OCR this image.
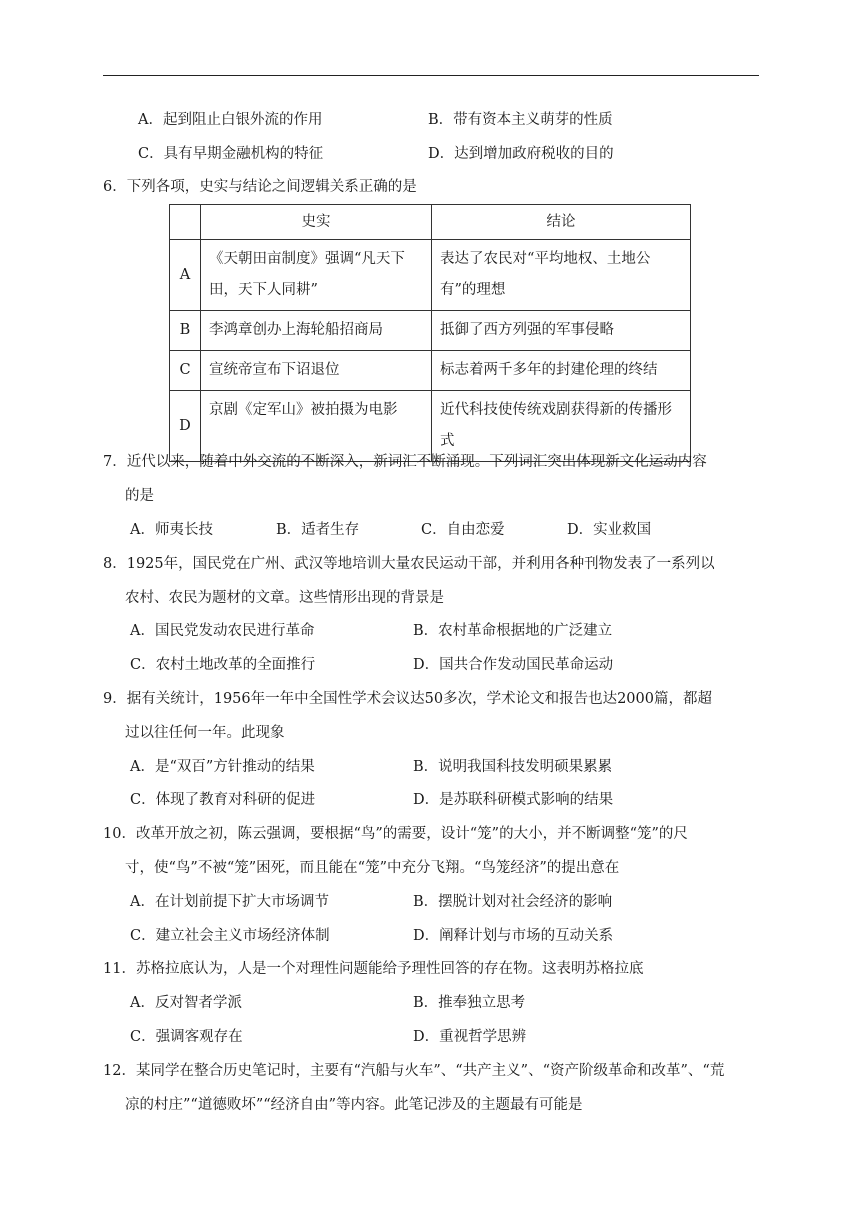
A．起到阻止白银外流的作用	B．带有资本主义萌芽的性质
C．具有早期金融机构的特征	D．达到增加政府税收的目的
6．下列各项，史实与结论之间逻辑关系正确的是
	史实	结论
A	《天朝田亩制度》强调“凡天下田，天下人同耕”	表达了农民对“平均地权、土地公有”的理想
B	李鸿章创办上海轮船招商局	抵御了西方列强的军事侵略
C	宣统帝宣布下诏退位	标志着两千多年的封建伦理的终结
D	京剧《定军山》被拍摄为电影	近代科技使传统戏剧获得新的传播形式
7．近代以来，随着中外交流的不断深入，新词汇不断涌现。下列词汇突出体现新文化运动内容
的是
A．师夷长技	B．适者生存	C．自由恋爱	D．实业救国
8．1925年，国民党在广州、武汉等地培训大量农民运动干部，并利用各种刊物发表了一系列以
农村、农民为题材的文章。这些情形出现的背景是
A．国民党发动农民进行革命	B．农村革命根据地的广泛建立
C．农村土地改革的全面推行	D．国共合作发动国民革命运动
9．据有关统计，1956年一年中全国性学术会议达50多次，学术论文和报告也达2000篇，都超
过以往任何一年。此现象
A．是“双百”方针推动的结果	B．说明我国科技发明硕果累累
C．体现了教育对科研的促进	D．是苏联科研模式影响的结果
10．改革开放之初，陈云强调，要根据“鸟”的需要，设计“笼”的大小，并不断调整“笼”的尺
寸，使“鸟”不被“笼”困死，而且能在“笼”中充分飞翔。“鸟笼经济”的提出意在
A．在计划前提下扩大市场调节	B．摆脱计划对社会经济的影响
C．建立社会主义市场经济体制	D．阐释计划与市场的互动关系
11．苏格拉底认为，人是一个对理性问题能给予理性回答的存在物。这表明苏格拉底
A．反对智者学派	B．推奉独立思考
C．强调客观存在	D．重视哲学思辨
12．某同学在整合历史笔记时，主要有“汽船与火车”、“共产主义”、“资产阶级革命和改革”、“荒
凉的村庄”“道德败坏”“经济自由”等内容。此笔记涉及的主题最有可能是
